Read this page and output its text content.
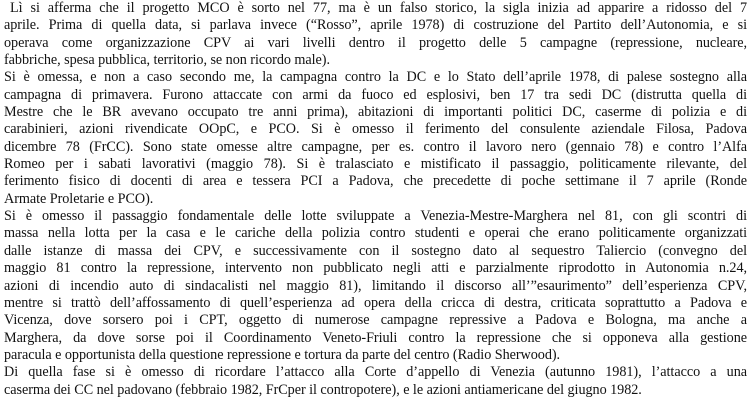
Lì si afferma che il progetto MCO è sorto nel 77, ma è un falso storico, la sigla inizia ad apparire a ridosso del 7
aprile. Prima di quella data, si parlava invece (“Rosso”, aprile 1978) di costruzione del Partito dell’Autonomia, e si
operava come organizzazione CPV ai vari livelli dentro il progetto delle 5 campagne (repressione, nucleare,
fabbriche, spesa pubblica, territorio, se non ricordo male).
Si è omessa, e non a caso secondo me, la campagna contro la DC e lo Stato dell’aprile 1978, di palese sostegno alla
campagna di primavera. Furono attaccate con armi da fuoco ed esplosivi, ben 17 tra sedi DC (distrutta quella di
Mestre che le BR avevano occupato tre anni prima), abitazioni di importanti politici DC, caserme di polizia e di
carabinieri, azioni rivendicate OOpC, e PCO. Si è omesso il ferimento del consulente aziendale Filosa, Padova
dicembre 78 (FrCC). Sono state omesse altre campagne, per es. contro il lavoro nero (gennaio 78) e contro l’Alfa
Romeo per i sabati lavorativi (maggio 78). Si è tralasciato e mistificato il passaggio, politicamente rilevante, del
ferimento fisico di docenti di area e tessera PCI a Padova, che precedette di poche settimane il 7 aprile (Ronde
Armate Proletarie e PCO).
Si è omesso il passaggio fondamentale delle lotte sviluppate a Venezia-Mestre-Marghera nel 81, con gli scontri di
massa nella lotta per la casa e le cariche della polizia contro studenti e operai che erano politicamente organizzati
dalle istanze di massa dei CPV, e successivamente con il sostegno dato al sequestro Taliercio (convegno del
maggio 81 contro la repressione, intervento non pubblicato negli atti e parzialmente riprodotto in Autonomia n.24,
azioni di incendio auto di sindacalisti nel maggio 81), limitando il discorso all’”esaurimento” dell’esperienza CPV,
mentre si trattò dell’affossamento di quell’esperienza ad opera della cricca di destra, criticata soprattutto a Padova e
Vicenza, dove sorsero poi i CPT, oggetto di numerose campagne repressive a Padova e Bologna, ma anche a
Marghera, da dove sorse poi il Coordinamento Veneto-Friuli contro la repressione che si opponeva alla gestione
paracula e opportunista della questione repressione e tortura da parte del centro (Radio Sherwood).
Di quella fase si è omesso di ricordare l’attacco alla Corte d’appello di Venezia (autunno 1981), l’attacco a una
caserma dei CC nel padovano (febbraio 1982, FrCper il contropotere), e le azioni antiamericane del giugno 1982.
